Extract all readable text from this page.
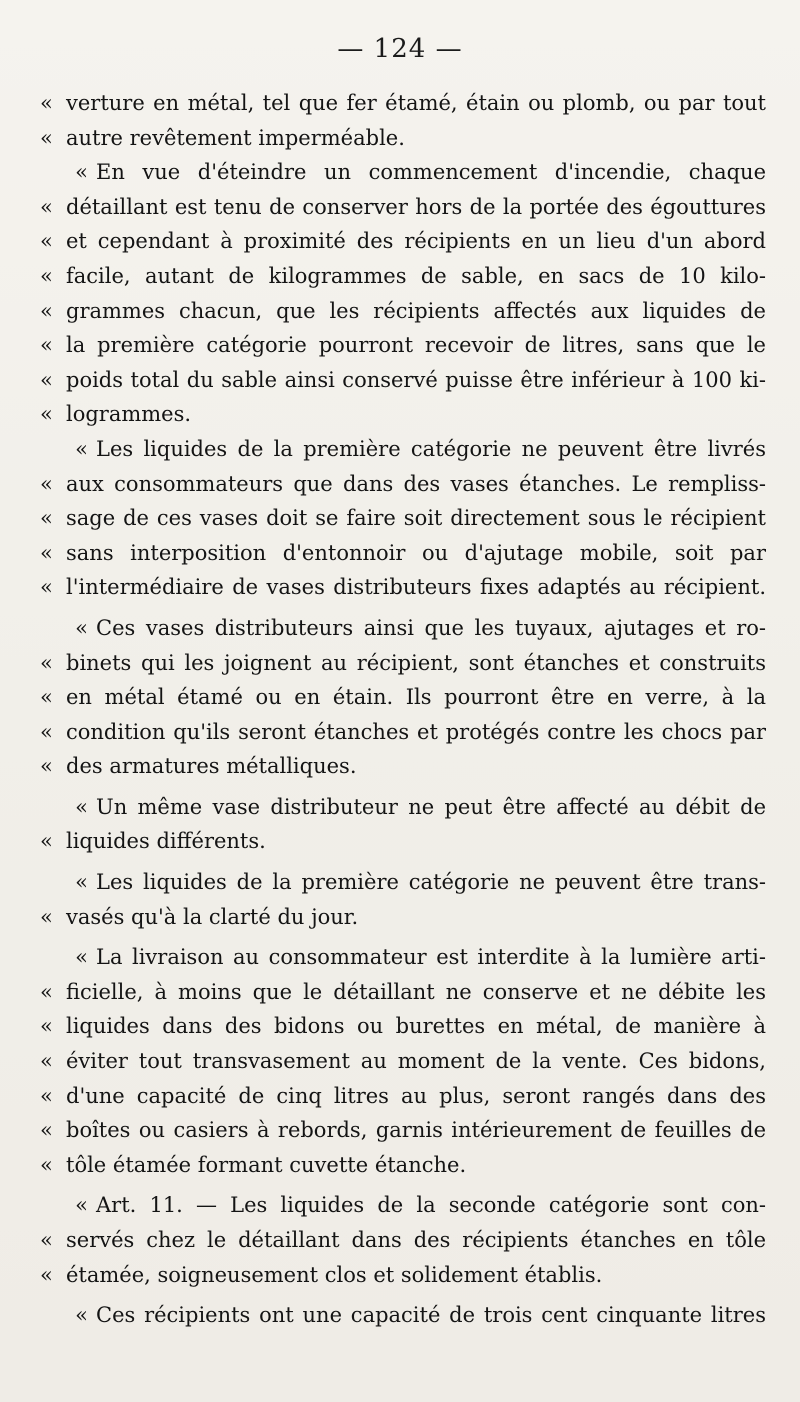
— 124 —
« verture en métal, tel que fer étamé, étain ou plomb, ou par tout
« autre revêtement imperméable.
« En vue d'éteindre un commencement d'incendie, chaque
« détaillant est tenu de conserver hors de la portée des égouttures
« et cependant à proximité des récipients en un lieu d'un abord
« facile, autant de kilogrammes de sable, en sacs de 10 kilo-
« grammes chacun, que les récipients affectés aux liquides de
« la première catégorie pourront recevoir de litres, sans que le
« poids total du sable ainsi conservé puisse être inférieur à 100 ki-
« logrammes.
« Les liquides de la première catégorie ne peuvent être livrés
« aux consommateurs que dans des vases étanches. Le rempliss-
« sage de ces vases doit se faire soit directement sous le récipient
« sans interposition d'entonnoir ou d'ajutage mobile, soit par
« l'intermédiaire de vases distributeurs fixes adaptés au récipient.
« Ces vases distributeurs ainsi que les tuyaux, ajutages et ro-
« binets qui les joignent au récipient, sont étanches et construits
« en métal étamé ou en étain. Ils pourront être en verre, à la
« condition qu'ils seront étanches et protégés contre les chocs par
« des armatures métalliques.
« Un même vase distributeur ne peut être affecté au débit de
« liquides différents.
« Les liquides de la première catégorie ne peuvent être trans-
« vasés qu'à la clarté du jour.
« La livraison au consommateur est interdite à la lumière arti-
« ficielle, à moins que le détaillant ne conserve et ne débite les
« liquides dans des bidons ou burettes en métal, de manière à
« éviter tout transvasement au moment de la vente. Ces bidons,
« d'une capacité de cinq litres au plus, seront rangés dans des
« boîtes ou casiers à rebords, garnis intérieurement de feuilles de
« tôle étamée formant cuvette étanche.
« Art. 11. — Les liquides de la seconde catégorie sont con-
« servés chez le détaillant dans des récipients étanches en tôle
« étamée, soigneusement clos et solidement établis.
« Ces récipients ont une capacité de trois cent cinquante litres
